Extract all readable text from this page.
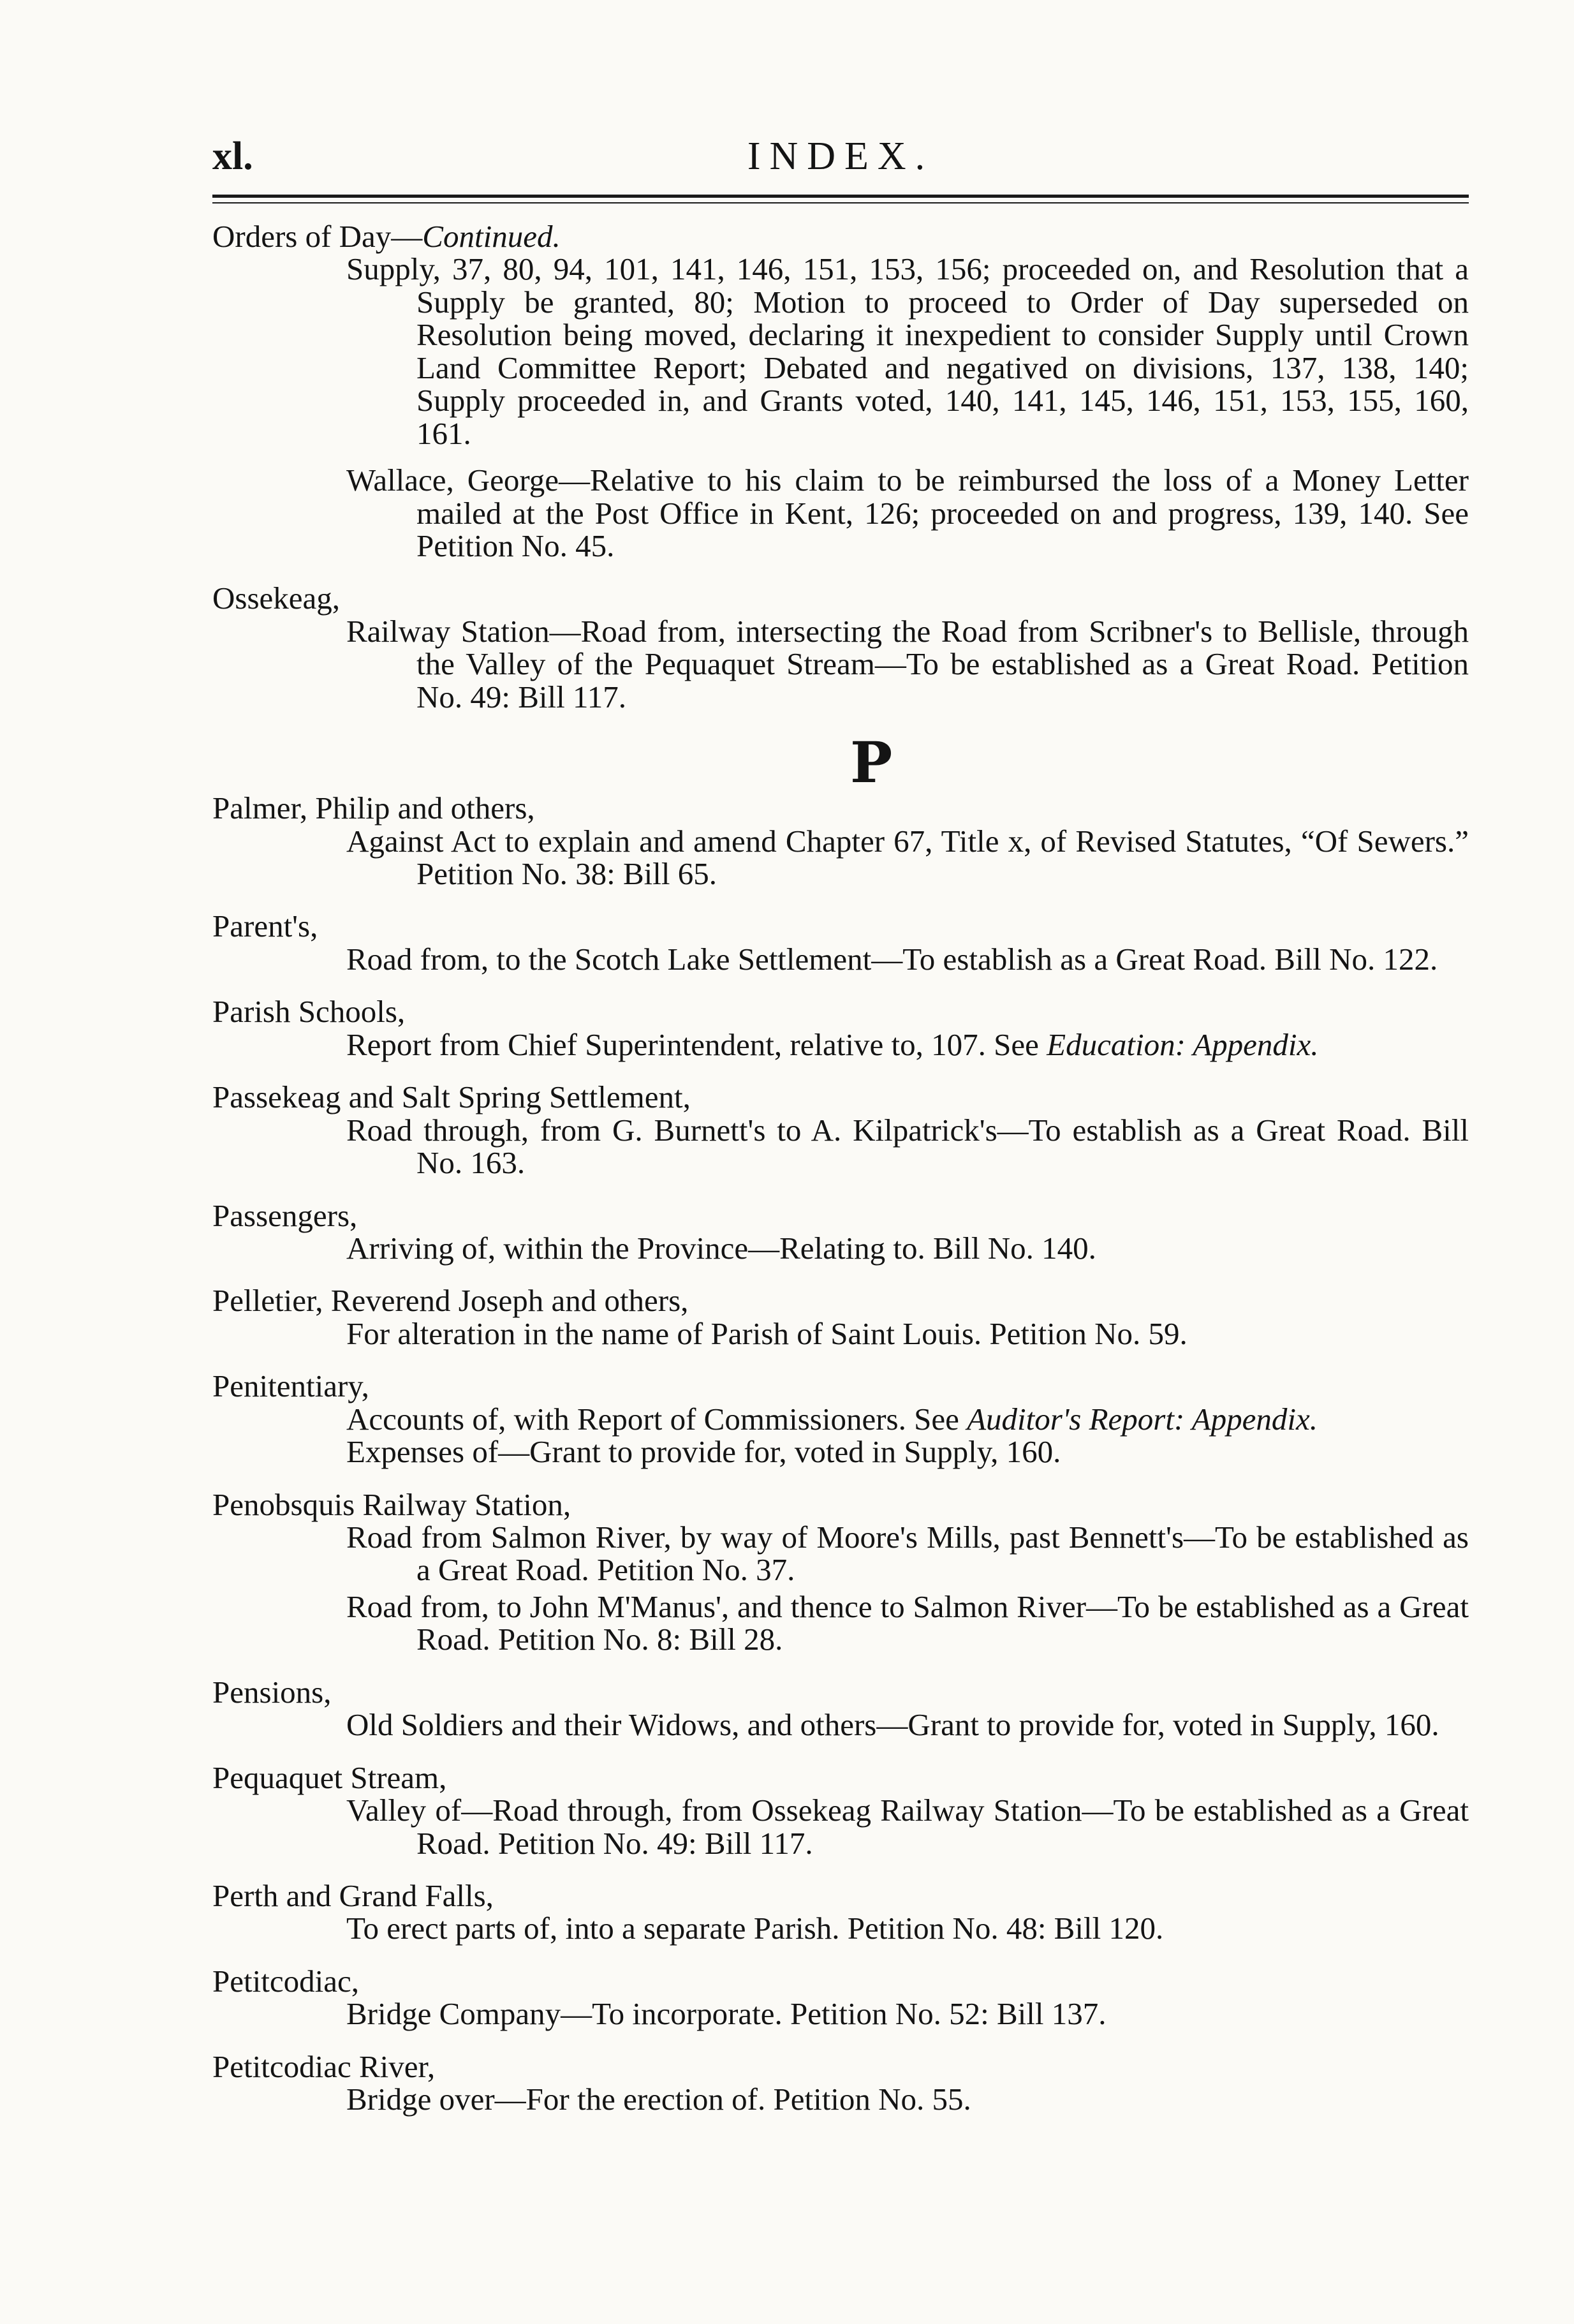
xl.	INDEX.

Orders of Day—Continued.

Supply, 37, 80, 94, 101, 141, 146, 151, 153, 156; proceeded on, and Resolution that a Supply be granted, 80; Motion to proceed to Order of Day superseded on Resolution being moved, declaring it inexpedient to consider Supply until Crown Land Committee Report; Debated and negatived on divisions, 137, 138, 140; Supply proceeded in, and Grants voted, 140, 141, 145, 146, 151, 153, 155, 160, 161.

Wallace, George—Relative to his claim to be reimbursed the loss of a Money Letter mailed at the Post Office in Kent, 126; proceeded on and progress, 139, 140. See Petition No. 45.

Ossekeag,

Railway Station—Road from, intersecting the Road from Scribner's to Bellisle, through the Valley of the Pequaquet Stream—To be established as a Great Road. Petition No. 49: Bill 117.

P

Palmer, Philip and others,

Against Act to explain and amend Chapter 67, Title x, of Revised Statutes, “Of Sewers.” Petition No. 38: Bill 65.

Parent's,

Road from, to the Scotch Lake Settlement—To establish as a Great Road. Bill No. 122.

Parish Schools,

Report from Chief Superintendent, relative to, 107. See Education: Appendix.

Passekeag and Salt Spring Settlement,

Road through, from G. Burnett's to A. Kilpatrick's—To establish as a Great Road. Bill No. 163.

Passengers,

Arriving of, within the Province—Relating to. Bill No. 140.

Pelletier, Reverend Joseph and others,

For alteration in the name of Parish of Saint Louis. Petition No. 59.

Penitentiary,

Accounts of, with Report of Commissioners. See Auditor's Report: Appendix.

Expenses of—Grant to provide for, voted in Supply, 160.

Penobsquis Railway Station,

Road from Salmon River, by way of Moore's Mills, past Bennett's—To be established as a Great Road. Petition No. 37.

Road from, to John M'Manus', and thence to Salmon River—To be established as a Great Road. Petition No. 8: Bill 28.

Pensions,

Old Soldiers and their Widows, and others—Grant to provide for, voted in Supply, 160.

Pequaquet Stream,

Valley of—Road through, from Ossekeag Railway Station—To be established as a Great Road. Petition No. 49: Bill 117.

Perth and Grand Falls,

To erect parts of, into a separate Parish. Petition No. 48: Bill 120.

Petitcodiac,

Bridge Company—To incorporate. Petition No. 52: Bill 137.

Petitcodiac River,

Bridge over—For the erection of. Petition No. 55.
